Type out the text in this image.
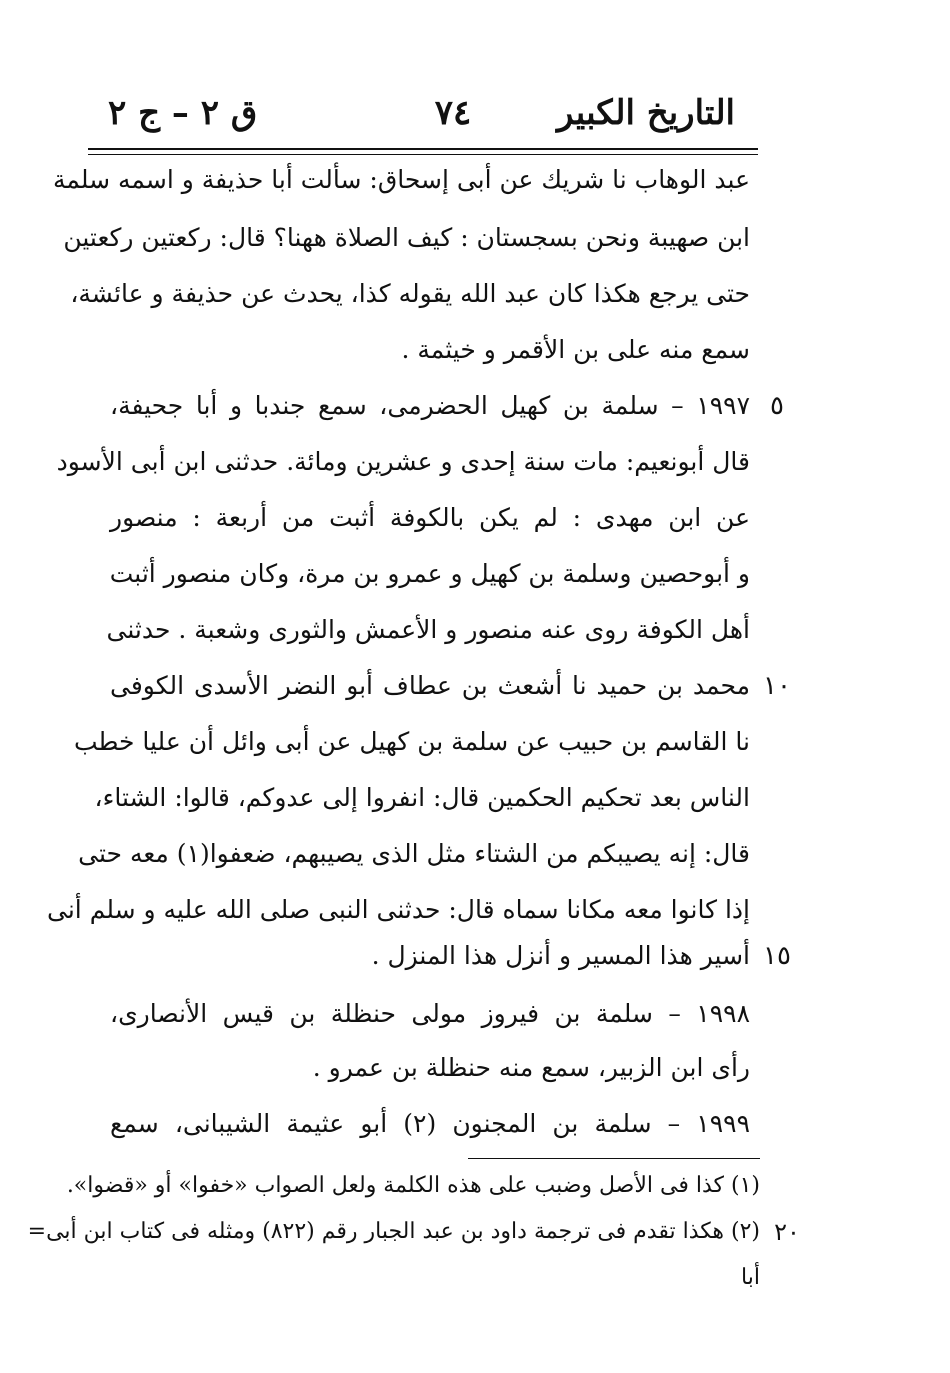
التاريخ الكبير
٧٤
ق ٢ – ج ٢
عبد الوهاب نا شريك عن أبى إسحاق: سألت أبا حذيفة و اسمه سلمة
ابن صهيبة ونحن بسجستان : كيف الصلاة ههنا؟ قال: ركعتين ركعتين
حتى يرجع هكذا كان عبد الله يقوله كذا، يحدث عن حذيفة و عائشة،
سمع منه على بن الأقمر و خيثمة .
١٩٩٧ – سلمة بن كهيل الحضرمى، سمع جندبا و أبا جحيفة، ٥
قال أبونعيم: مات سنة إحدى و عشرين ومائة. حدثنى ابن أبى الأسود
عن ابن مهدى : لم يكن بالكوفة أثبت من أربعة : منصور
و أبوحصين وسلمة بن كهيل و عمرو بن مرة، وكان منصور أثبت
أهل الكوفة روى عنه منصور و الأعمش والثورى وشعبة . حدثنى
محمد بن حميد نا أشعث بن عطاف أبو النضر الأسدى الكوفى ١٠
نا القاسم بن حبيب عن سلمة بن كهيل عن أبى وائل أن عليا خطب
الناس بعد تحكيم الحكمين قال: انفروا إلى عدوكم، قالوا: الشتاء،
قال: إنه يصيبكم من الشتاء مثل الذى يصيبهم، ضعفوا(١) معه حتى
إذا كانوا معه مكانا سماه قال: حدثنى النبى صلى الله عليه و سلم أنى
أسير هذا المسير و أنزل هذا المنزل . ١٥
١٩٩٨ – سلمة بن فيروز مولى حنظلة بن قيس الأنصارى،
رأى ابن الزبير، سمع منه حنظلة بن عمرو .
١٩٩٩ – سلمة بن المجنون (٢) أبو عثيمة الشيبانى، سمع
(١) كذا فى الأصل وضبب على هذه الكلمة ولعل الصواب «خفوا» أو «قضوا».
(٢) هكذا تقدم فى ترجمة داود بن عبد الجبار رقم (٨٢٢) ومثله فى كتاب ابن أبى= ٢٠
أبا
